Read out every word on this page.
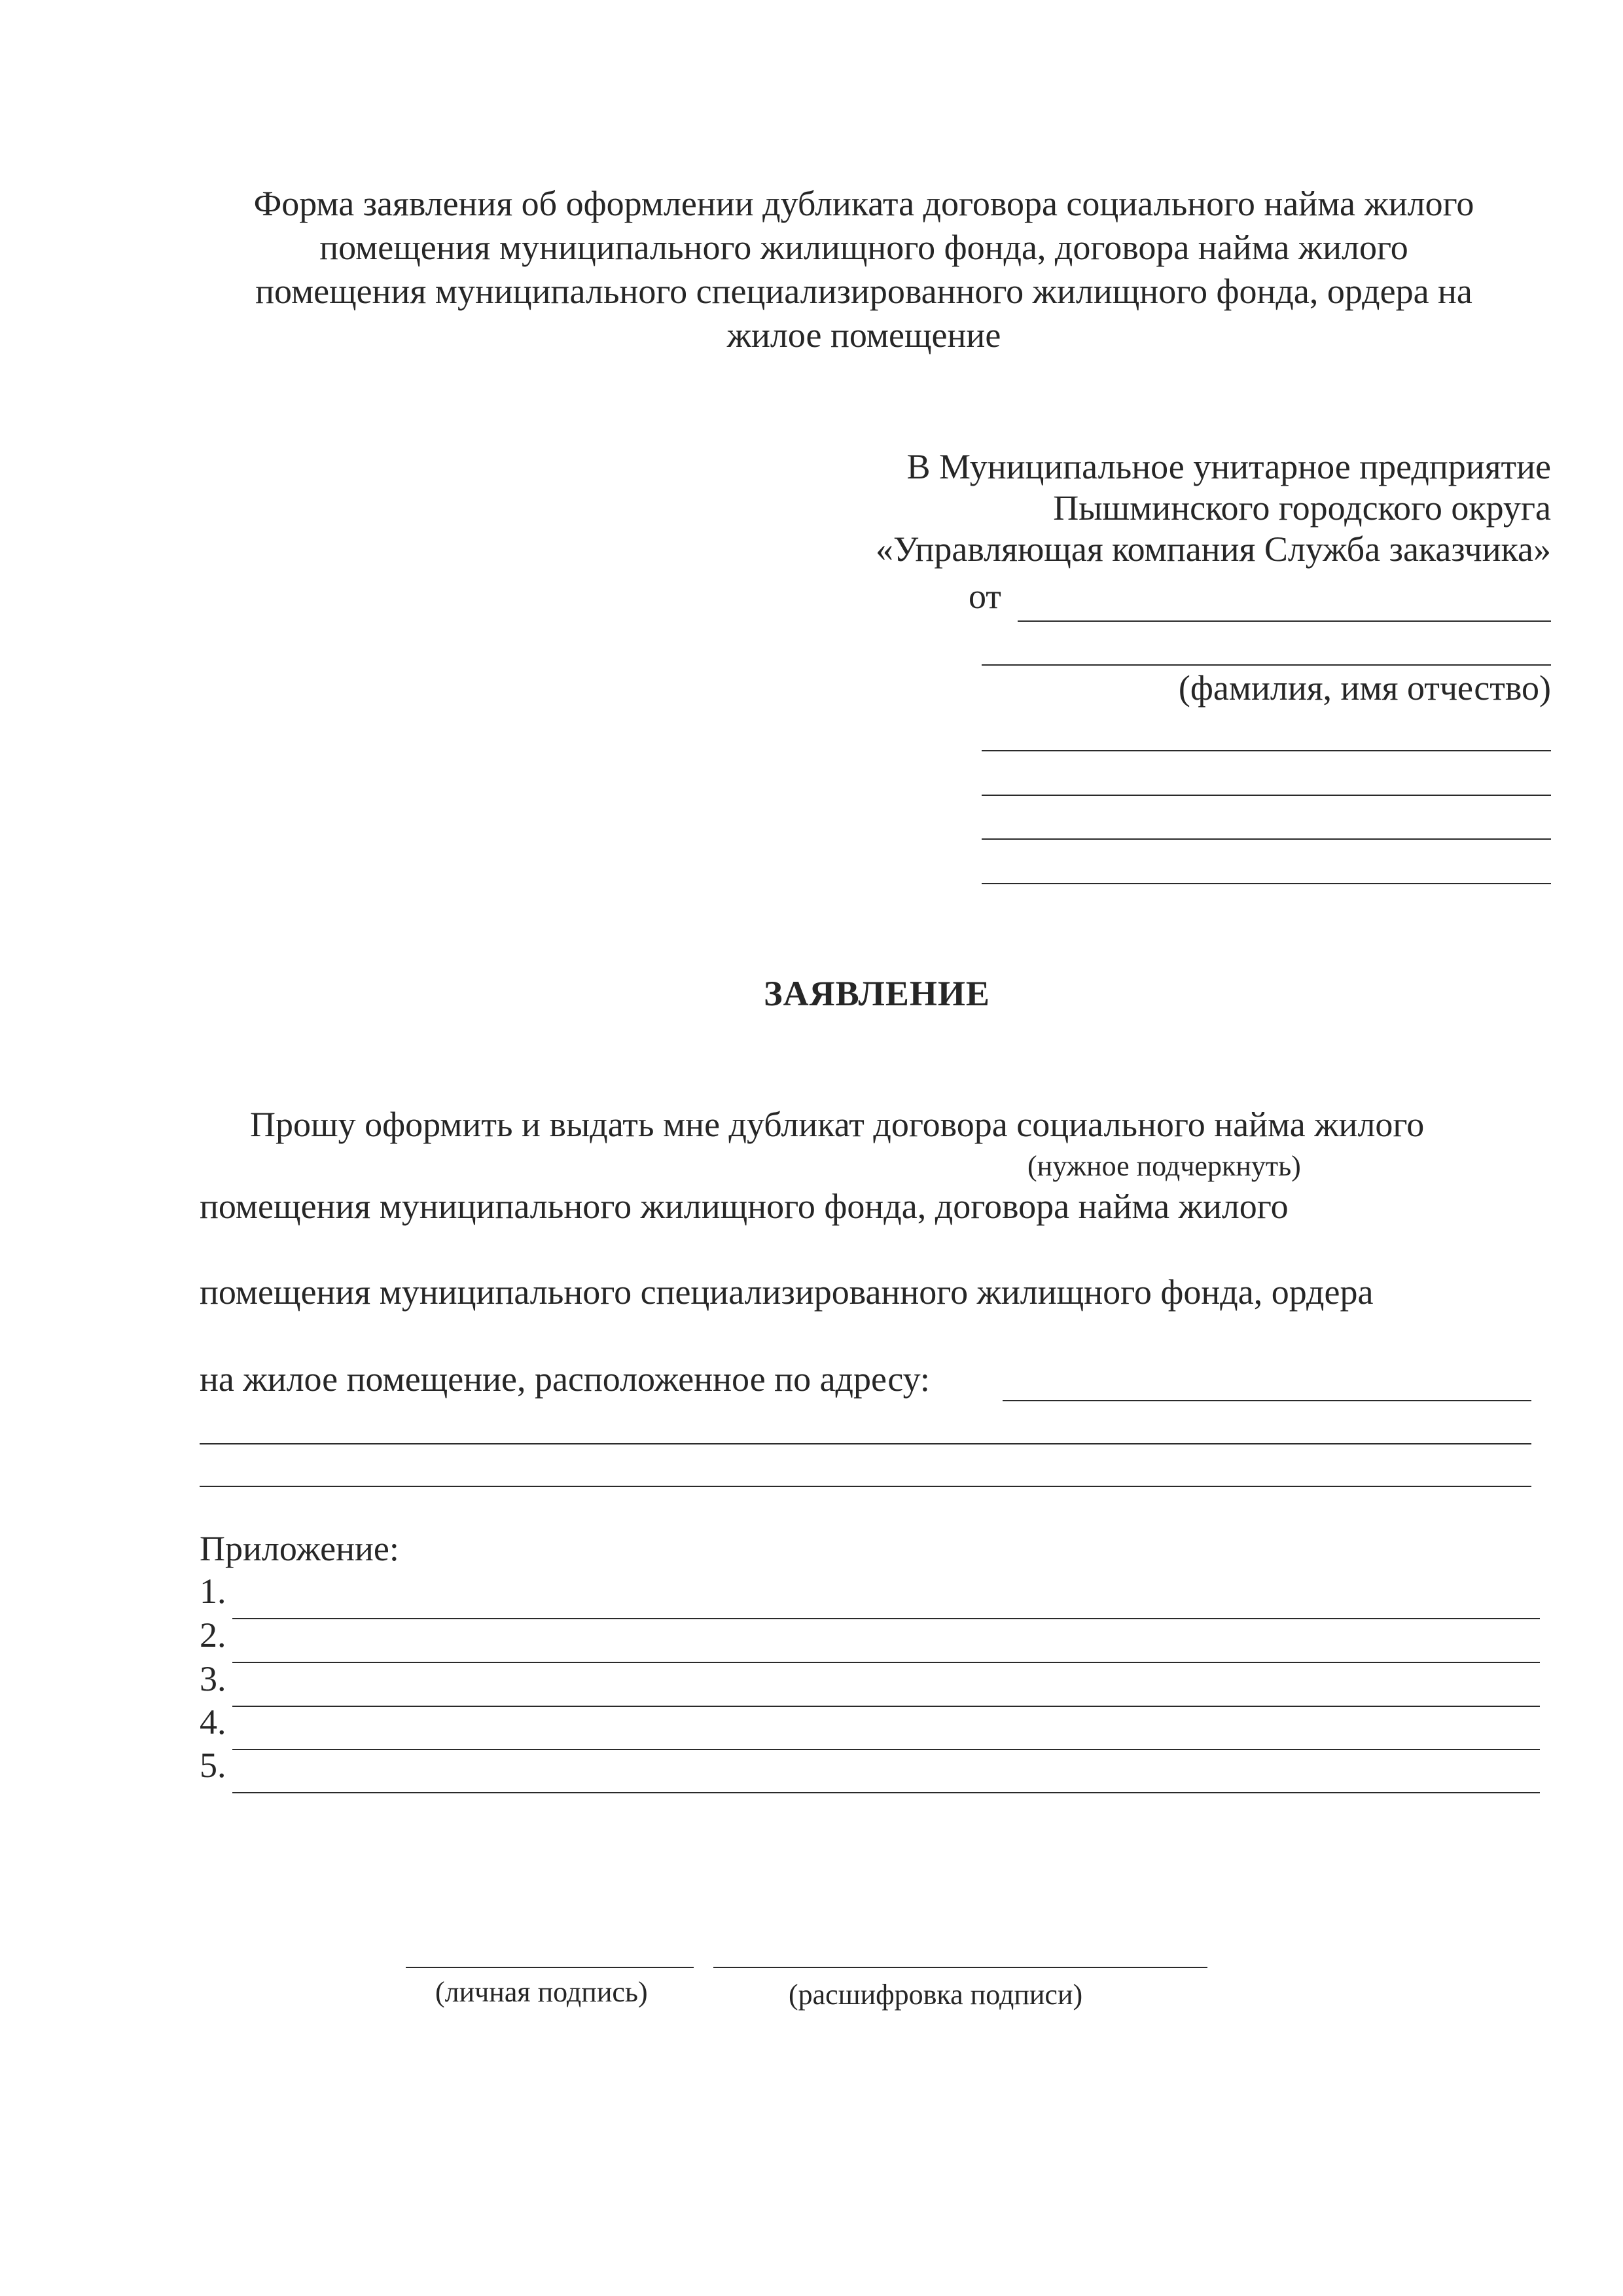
Форма заявления об оформлении дубликата договора социального найма жилого
помещения муниципального жилищного фонда, договора найма жилого
помещения муниципального специализированного жилищного фонда, ордера на
жилое помещение
В Муниципальное унитарное предприятие
Пышминского городского округа
«Управляющая компания Служба заказчика»
от
(фамилия, имя отчество)
ЗАЯВЛЕНИЕ
Прошу оформить и выдать мне дубликат договора социального найма жилого
(нужное подчеркнуть)
помещения муниципального жилищного фонда, договора найма жилого
помещения муниципального специализированного жилищного фонда, ордера
на жилое помещение, расположенное по адресу:
Приложение:
1.
2.
3.
4.
5.
(личная подпись)	(расшифровка подписи)
